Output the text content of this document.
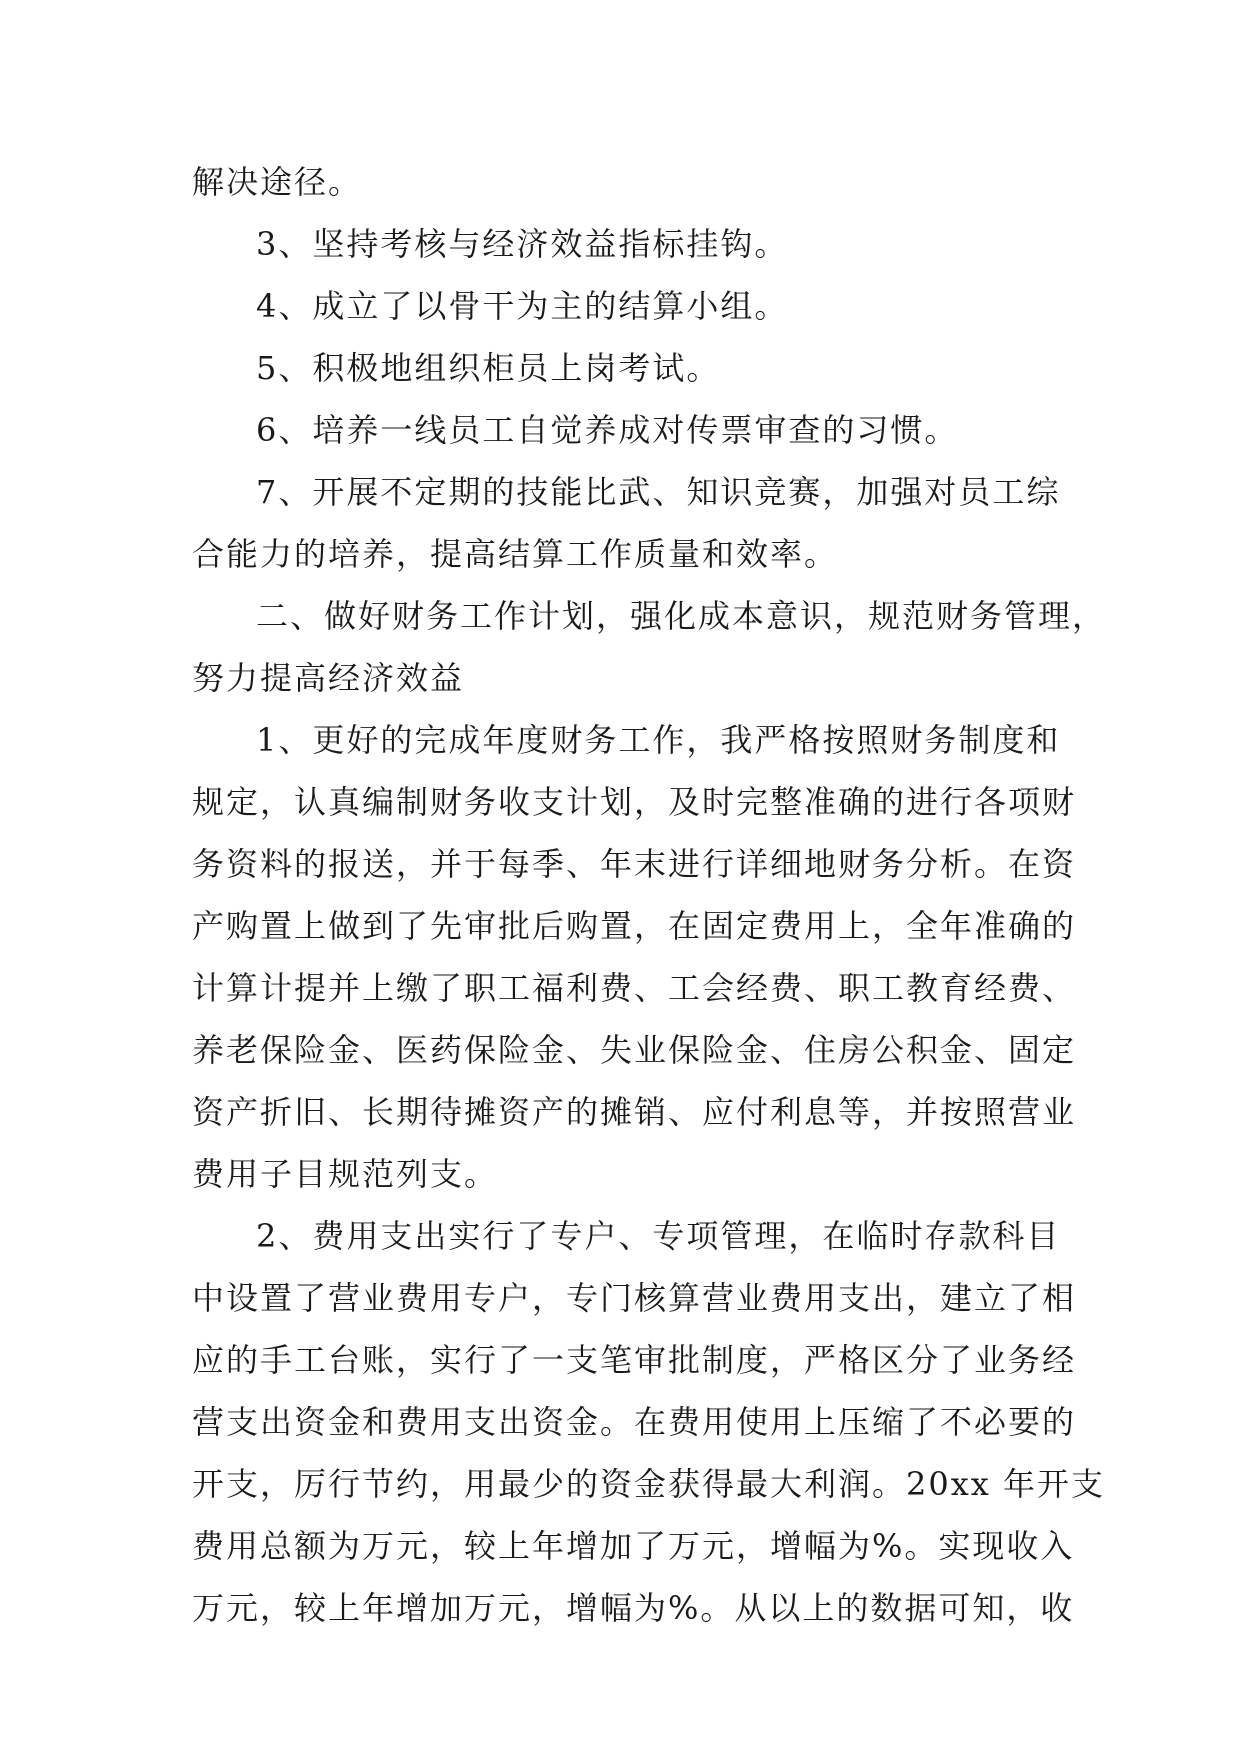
解决途径。
3、坚持考核与经济效益指标挂钩。
4、成立了以骨干为主的结算小组。
5、积极地组织柜员上岗考试。
6、培养一线员工自觉养成对传票审查的习惯。
7、开展不定期的技能比武、知识竞赛，加强对员工综
合能力的培养，提高结算工作质量和效率。
二、做好财务工作计划，强化成本意识，规范财务管理，
努力提高经济效益
1、更好的完成年度财务工作，我严格按照财务制度和
规定，认真编制财务收支计划，及时完整准确的进行各项财
务资料的报送，并于每季、年末进行详细地财务分析。在资
产购置上做到了先审批后购置，在固定费用上，全年准确的
计算计提并上缴了职工福利费、工会经费、职工教育经费、
养老保险金、医药保险金、失业保险金、住房公积金、固定
资产折旧、长期待摊资产的摊销、应付利息等，并按照营业
费用子目规范列支。
2、费用支出实行了专户、专项管理，在临时存款科目
中设置了营业费用专户，专门核算营业费用支出，建立了相
应的手工台账，实行了一支笔审批制度，严格区分了业务经
营支出资金和费用支出资金。在费用使用上压缩了不必要的
开支，厉行节约，用最少的资金获得最大利润。20xx 年开支
费用总额为万元，较上年增加了万元，增幅为%。实现收入
万元，较上年增加万元，增幅为%。从以上的数据可知，收
